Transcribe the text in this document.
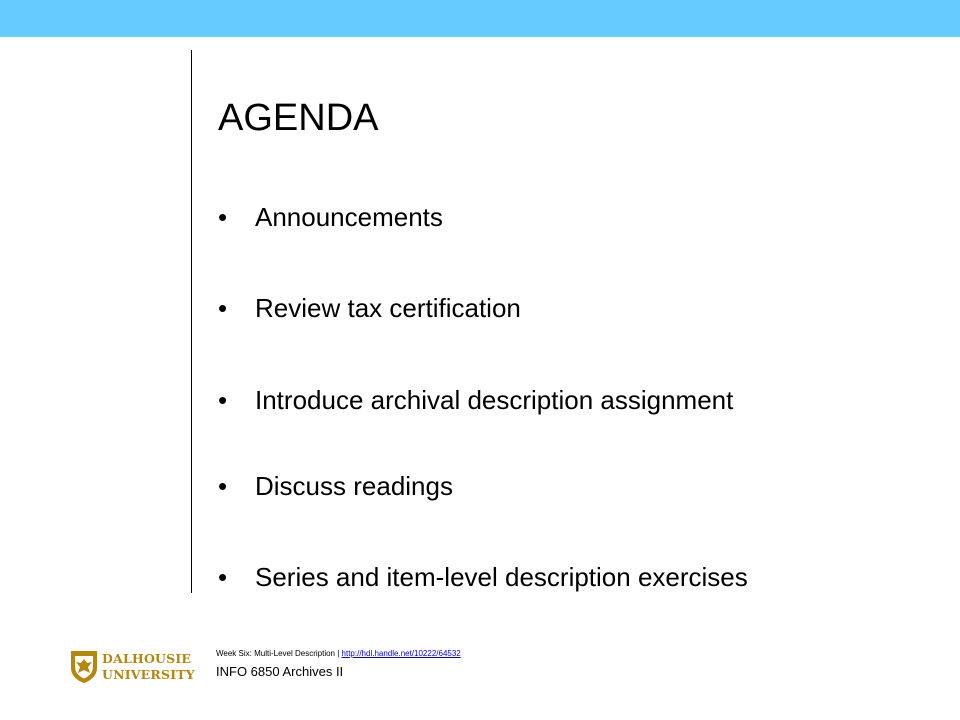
AGENDA
•	Announcements
•	Review tax certification
•	Introduce archival description assignment
•	Discuss readings
•	Series and item-level description exercises
DALHOUSIE
UNIVERSITY
Week Six: Multi-Level Description | http://hdl.handle.net/10222/64532
INFO 6850 Archives II
